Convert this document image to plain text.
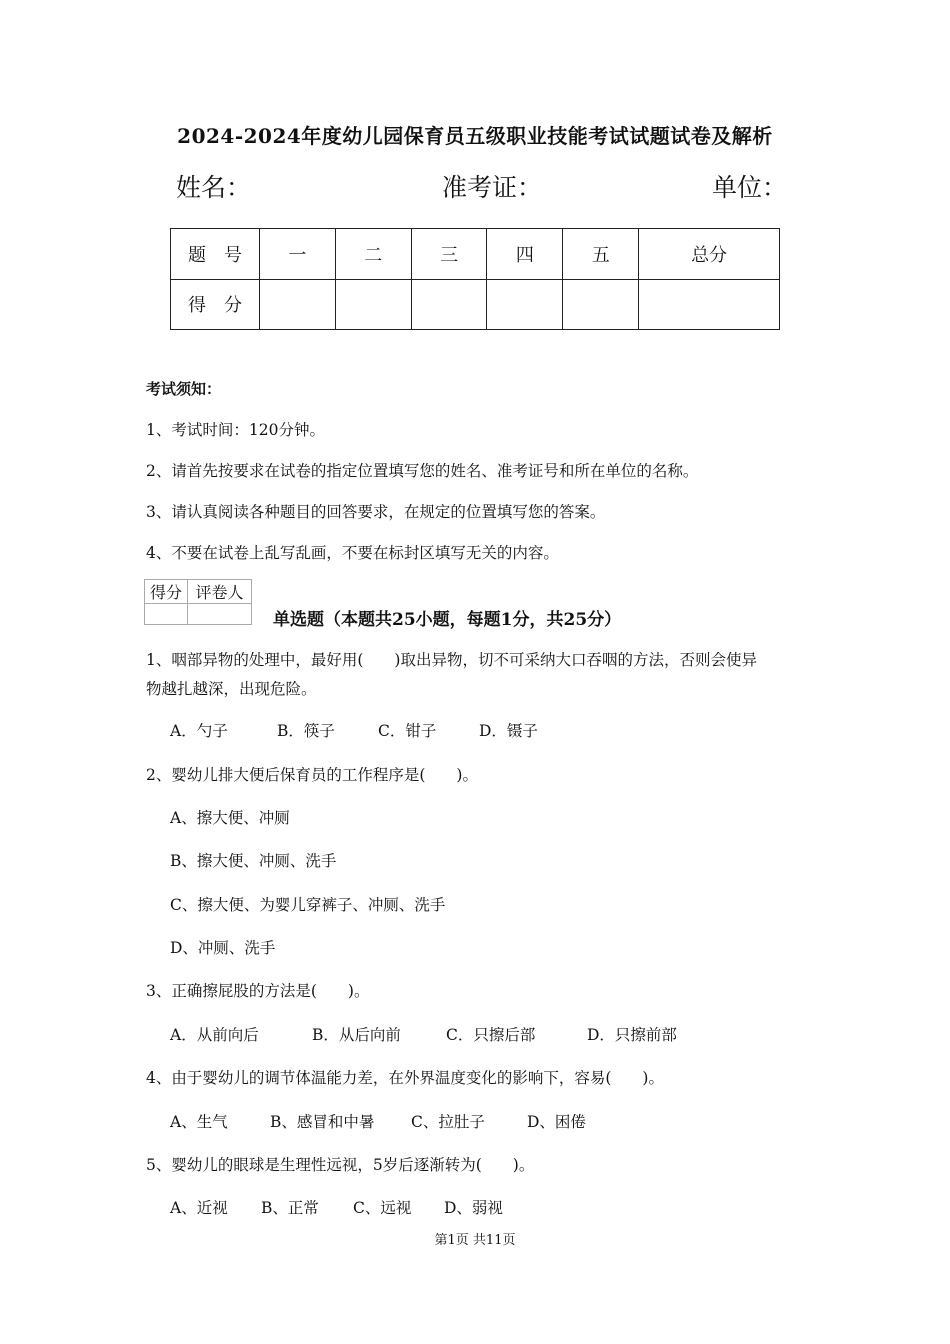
2024-2024年度幼儿园保育员五级职业技能考试试题试卷及解析
姓名：	准考证：	单位：
题　号	一	二	三	四	五	总分
得　分						
考试须知：
1、考试时间：120分钟。
2、请首先按要求在试卷的指定位置填写您的姓名、准考证号和所在单位的名称。
3、请认真阅读各种题目的回答要求，在规定的位置填写您的答案。
4、不要在试卷上乱写乱画，不要在标封区填写无关的内容。
得分	评卷人

单选题（本题共25小题，每题1分，共25分）
1、咽部异物的处理中，最好用(　　)取出异物，切不可采纳大口吞咽的方法，否则会使异
物越扎越深，出现危险。
A．勺子	B．筷子	C．钳子	D．镊子
2、婴幼儿排大便后保育员的工作程序是(　　)。
A、擦大便、冲厕
B、擦大便、冲厕、洗手
C、擦大便、为婴儿穿裤子、冲厕、洗手
D、冲厕、洗手
3、正确擦屁股的方法是(　　)。
A．从前向后	B．从后向前	C．只擦后部	D．只擦前部
4、由于婴幼儿的调节体温能力差，在外界温度变化的影响下，容易(　　)。
A、生气	B、感冒和中暑 C、拉肚子	D、困倦
5、婴幼儿的眼球是生理性远视，5岁后逐渐转为(　　)。
A、近视 B、正常 C、远视 D、弱视
第1页 共11页
